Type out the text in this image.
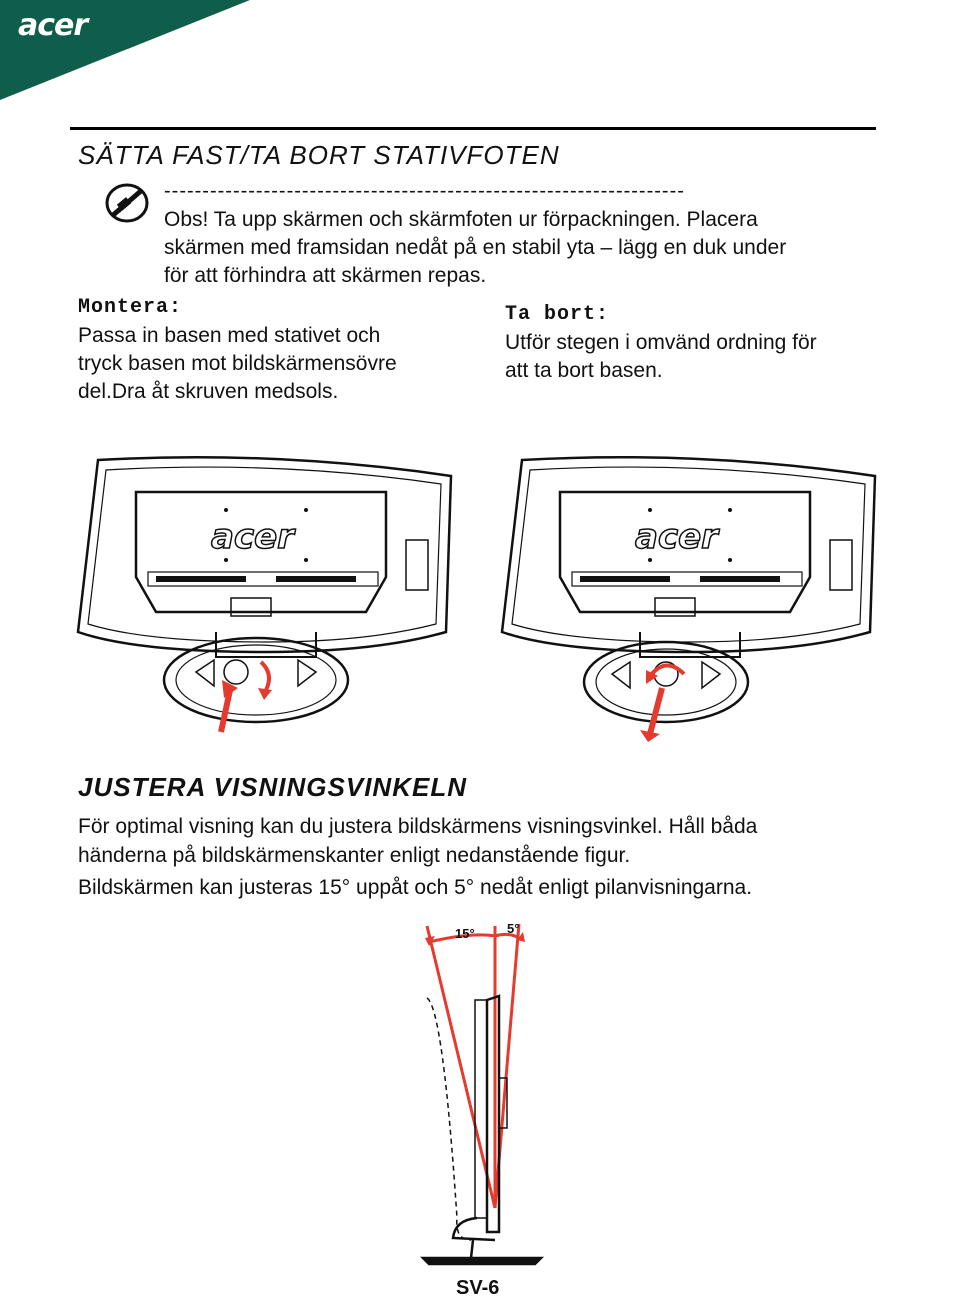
acer
SÄTTA FAST/TA BORT STATIVFOTEN
--------------------------------------------------------------------
Obs! Ta upp skärmen och skärmfoten ur förpackningen. Placera
skärmen med framsidan nedåt på en stabil yta – lägg en duk under
för att förhindra att skärmen repas.
Montera:
Passa in basen med stativet och
tryck basen mot bildskärmensövre
del.Dra åt skruven medsols.
Ta bort:
Utför stegen i omvänd ordning för
att ta bort basen.
acer	acer
JUSTERA VISNINGSVINKELN
För optimal visning kan du justera bildskärmens visningsvinkel. Håll båda
händerna på bildskärmenskanter enligt nedanstående figur.
Bildskärmen kan justeras 15° uppåt och 5° nedåt enligt pilanvisningarna.
15° 5°
SV-6
